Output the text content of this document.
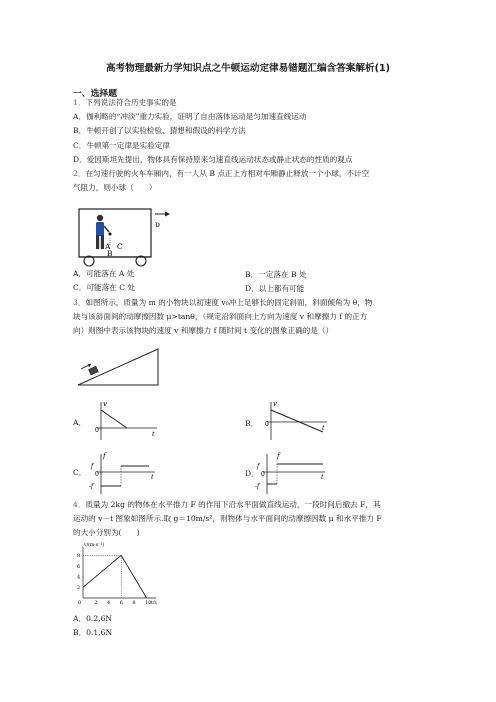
高考物理最新力学知识点之牛顿运动定律易错题汇编含答案解析(1)
一、选择题
1．下列说法符合历史事实的是
A．伽利略的“冲淡”重力实验，证明了自由落体运动是匀加速直线运动
B．牛顿开创了以实验检验、猜想和假设的科学方法
C．牛顿第一定律是实验定律
D．爱因斯坦先提出，物体具有保持原来匀速直线运动状态或静止状态的性质的观点
2．在匀速行驶的火车车厢内，有一人从 B 点正上方相对车厢静止释放一个小球，不计空
气阻力，则小球（　　）
υ
A
B
C
A．可能落在 A 处	B．一定落在 B 处
C．可能落在 C 处	D．以上都有可能
3．如图所示，质量为 m 的小物块以初速度 v₀冲上足够长的固定斜面，斜面倾角为 θ，物
块与该斜面间的动摩擦因数 μ>tanθ，（规定沿斜面向上方向为速度 v 和摩擦力 f 的正方
向）则图中表示该物块的速度 v 和摩擦力 f 随时间 t 变化的图象正确的是（）
A．
v
0	t
B．
v
0	t
C．
f
f
-f
0	t	D．
f
f
-f
0	t
4．质量为 2kg 的物体在水平推力 F 的作用下沿水平面做直线运动，一段时间后撤去 F，其
运动的 v－t 图象如图所示.取 g＝10m/s²，则物体与水平面间的动摩擦因数 μ 和水平推力 F
的大小分别为(　　)
v/(m·s⁻¹)
t/s
0	2 4 6 8 10
2
4
6
8
A．0.2,6N
B．0.1,6N
